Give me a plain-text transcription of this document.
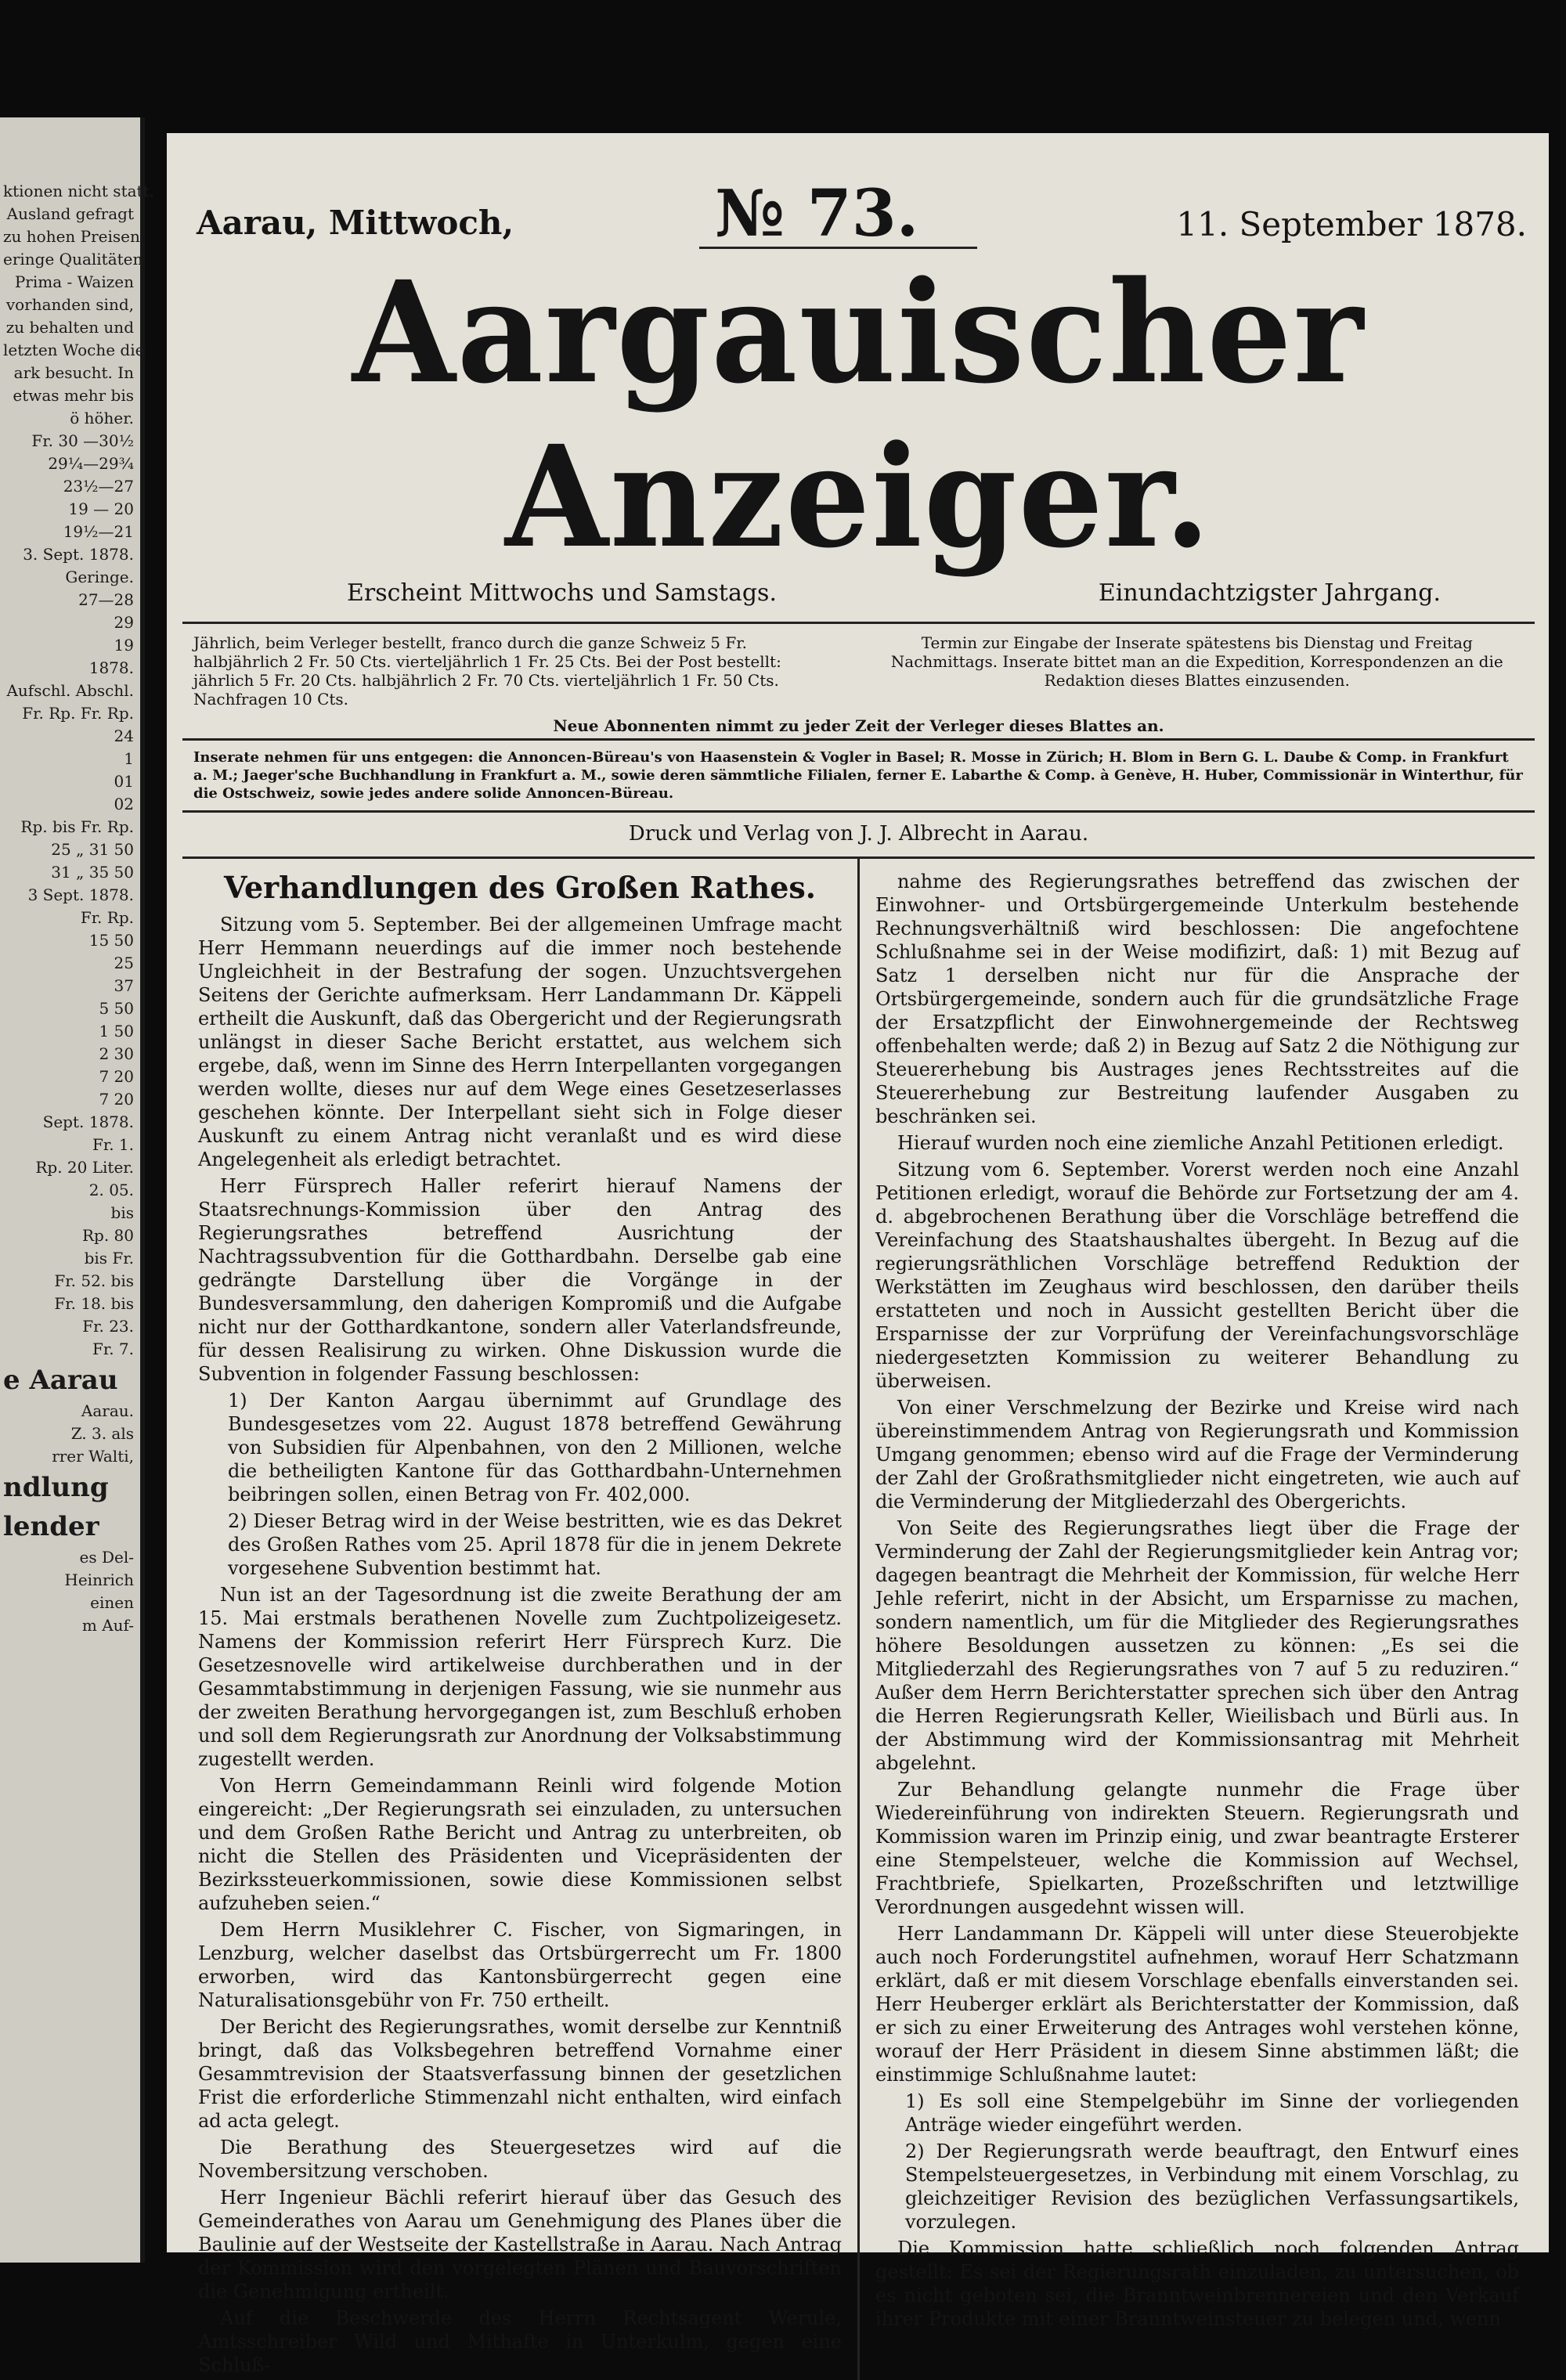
ktionen nicht statt.
Ausland gefragt
zu hohen Preisen
eringe Qualitäten
Prima - Waizen
vorhanden sind,
zu behalten und
letzten Woche die
ark besucht. In
etwas mehr bis
ö höher.
Fr. 30 —30½
29¼—29¾
23½—27
19 — 20
19½—21
3. Sept. 1878.
Geringe.
27—28
29
19
1878.
Aufschl. Abschl.
Fr. Rp. Fr. Rp.
24
1
01
02
Rp. bis Fr. Rp.
25 „ 31 50
31 „ 35 50
3 Sept. 1878.
Fr. Rp.
15 50
25
37
5 50
1 50
2 30
7 20
7 20
Sept. 1878.
Fr. 1.
Rp. 20 Liter.
2. 05.
bis
Rp. 80
bis Fr.
Fr. 52. bis
Fr. 18. bis
Fr. 23.
Fr. 7.
e Aarau
Aarau.
Z. 3. als
rrer Walti,
ndlung
lender
es Del-
Heinrich
einen
m Auf-
Aarau, Mittwoch,	№ 73.	11. September 1878.
Aargauischer Anzeiger.
Erscheint Mittwochs und Samstags.	Einundachtzigster Jahrgang.
Jährlich, beim Verleger bestellt, franco durch die ganze Schweiz 5 Fr. halbjährlich 2 Fr. 50 Cts. vierteljährlich 1 Fr. 25 Cts. Bei der Post bestellt: jährlich 5 Fr. 20 Cts. halbjährlich 2 Fr. 70 Cts. vierteljährlich 1 Fr. 50 Cts. Nachfragen 10 Cts.
Termin zur Eingabe der Inserate spätestens bis Dienstag und Freitag Nachmittags. Inserate bittet man an die Expedition, Korrespondenzen an die Redaktion dieses Blattes einzusenden.
Neue Abonnenten nimmt zu jeder Zeit der Verleger dieses Blattes an.
Inserate nehmen für uns entgegen: die Annoncen-Büreau's von Haasenstein & Vogler in Basel; R. Mosse in Zürich; H. Blom in Bern G. L. Daube & Comp. in Frankfurt a. M.; Jaeger'sche Buchhandlung in Frankfurt a. M., sowie deren sämmtliche Filialen, ferner E. Labarthe & Comp. à Genève, H. Huber, Commissionär in Winterthur, für die Ostschweiz, sowie jedes andere solide Annoncen-Büreau.
Druck und Verlag von J. J. Albrecht in Aarau.
Verhandlungen des Großen Rathes.

Sitzung vom 5. September. Bei der allgemeinen Umfrage macht Herr Hemmann neuerdings auf die immer noch bestehende Ungleichheit in der Bestrafung der sogen. Unzuchtsvergehen Seitens der Gerichte aufmerksam. Herr Landammann Dr. Käppeli ertheilt die Auskunft, daß das Obergericht und der Regierungsrath unlängst in dieser Sache Bericht erstattet, aus welchem sich ergebe, daß, wenn im Sinne des Herrn Interpellanten vorgegangen werden wollte, dieses nur auf dem Wege eines Gesetzeserlasses geschehen könnte. Der Interpellant sieht sich in Folge dieser Auskunft zu einem Antrag nicht veranlaßt und es wird diese Angelegenheit als erledigt betrachtet.

Herr Fürsprech Haller referirt hierauf Namens der Staatsrechnungs-Kommission über den Antrag des Regierungsrathes betreffend Ausrichtung der Nachtragssubvention für die Gotthardbahn. Derselbe gab eine gedrängte Darstellung über die Vorgänge in der Bundesversammlung, den daherigen Kompromiß und die Aufgabe nicht nur der Gotthardkantone, sondern aller Vaterlandsfreunde, für dessen Realisirung zu wirken. Ohne Diskussion wurde die Subvention in folgender Fassung beschlossen:

1) Der Kanton Aargau übernimmt auf Grundlage des Bundesgesetzes vom 22. August 1878 betreffend Gewährung von Subsidien für Alpenbahnen, von den 2 Millionen, welche die betheiligten Kantone für das Gotthardbahn-Unternehmen beibringen sollen, einen Betrag von Fr. 402,000.

2) Dieser Betrag wird in der Weise bestritten, wie es das Dekret des Großen Rathes vom 25. April 1878 für die in jenem Dekrete vorgesehene Subvention bestimmt hat.

Nun ist an der Tagesordnung ist die zweite Berathung der am 15. Mai erstmals berathenen Novelle zum Zuchtpolizeigesetz. Namens der Kommission referirt Herr Fürsprech Kurz. Die Gesetzesnovelle wird artikelweise durchberathen und in der Gesammtabstimmung in derjenigen Fassung, wie sie nunmehr aus der zweiten Berathung hervorgegangen ist, zum Beschluß erhoben und soll dem Regierungsrath zur Anordnung der Volksabstimmung zugestellt werden.

Von Herrn Gemeindammann Reinli wird folgende Motion eingereicht: „Der Regierungsrath sei einzuladen, zu untersuchen und dem Großen Rathe Bericht und Antrag zu unterbreiten, ob nicht die Stellen des Präsidenten und Vicepräsidenten der Bezirkssteuerkommissionen, sowie diese Kommissionen selbst aufzuheben seien.“

Dem Herrn Musiklehrer C. Fischer, von Sigmaringen, in Lenzburg, welcher daselbst das Ortsbürgerrecht um Fr. 1800 erworben, wird das Kantonsbürgerrecht gegen eine Naturalisationsgebühr von Fr. 750 ertheilt.

Der Bericht des Regierungsrathes, womit derselbe zur Kenntniß bringt, daß das Volksbegehren betreffend Vornahme einer Gesammtrevision der Staatsverfassung binnen der gesetzlichen Frist die erforderliche Stimmenzahl nicht enthalten, wird einfach ad acta gelegt.

Die Berathung des Steuergesetzes wird auf die Novembersitzung verschoben.

Herr Ingenieur Bächli referirt hierauf über das Gesuch des Gemeinderathes von Aarau um Genehmigung des Planes über die Baulinie auf der Westseite der Kastellstraße in Aarau. Nach Antrag der Kommission wird den vorgelegten Plänen und Bauvorschriften die Genehmigung ertheilt.

Auf die Beschwerde des Herrn Rechtsagent Werule, Amtsschreiber Wild und Mithafte in Unterkulm, gegen eine Schluß-

nahme des Regierungsrathes betreffend das zwischen der Einwohner- und Ortsbürgergemeinde Unterkulm bestehende Rechnungsverhältniß wird beschlossen: Die angefochtene Schlußnahme sei in der Weise modifizirt, daß: 1) mit Bezug auf Satz 1 derselben nicht nur für die Ansprache der Ortsbürgergemeinde, sondern auch für die grundsätzliche Frage der Ersatzpflicht der Einwohnergemeinde der Rechtsweg offenbehalten werde; daß 2) in Bezug auf Satz 2 die Nöthigung zur Steuererhebung bis Austrages jenes Rechtsstreites auf die Steuererhebung zur Bestreitung laufender Ausgaben zu beschränken sei.

Hierauf wurden noch eine ziemliche Anzahl Petitionen erledigt.

Sitzung vom 6. September. Vorerst werden noch eine Anzahl Petitionen erledigt, worauf die Behörde zur Fortsetzung der am 4. d. abgebrochenen Berathung über die Vorschläge betreffend die Vereinfachung des Staatshaushaltes übergeht. In Bezug auf die regierungsräthlichen Vorschläge betreffend Reduktion der Werkstätten im Zeughaus wird beschlossen, den darüber theils erstatteten und noch in Aussicht gestellten Bericht über die Ersparnisse der zur Vorprüfung der Vereinfachungsvorschläge niedergesetzten Kommission zu weiterer Behandlung zu überweisen.

Von einer Verschmelzung der Bezirke und Kreise wird nach übereinstimmendem Antrag von Regierungsrath und Kommission Umgang genommen; ebenso wird auf die Frage der Verminderung der Zahl der Großrathsmitglieder nicht eingetreten, wie auch auf die Verminderung der Mitgliederzahl des Obergerichts.

Von Seite des Regierungsrathes liegt über die Frage der Verminderung der Zahl der Regierungsmitglieder kein Antrag vor; dagegen beantragt die Mehrheit der Kommission, für welche Herr Jehle referirt, nicht in der Absicht, um Ersparnisse zu machen, sondern namentlich, um für die Mitglieder des Regierungsrathes höhere Besoldungen aussetzen zu können: „Es sei die Mitgliederzahl des Regierungsrathes von 7 auf 5 zu reduziren.“ Außer dem Herrn Berichterstatter sprechen sich über den Antrag die Herren Regierungsrath Keller, Wieilisbach und Bürli aus. In der Abstimmung wird der Kommissionsantrag mit Mehrheit abgelehnt.

Zur Behandlung gelangte nunmehr die Frage über Wiedereinführung von indirekten Steuern. Regierungsrath und Kommission waren im Prinzip einig, und zwar beantragte Ersterer eine Stempelsteuer, welche die Kommission auf Wechsel, Frachtbriefe, Spielkarten, Prozeßschriften und letztwillige Verordnungen ausgedehnt wissen will.

Herr Landammann Dr. Käppeli will unter diese Steuerobjekte auch noch Forderungstitel aufnehmen, worauf Herr Schatzmann erklärt, daß er mit diesem Vorschlage ebenfalls einverstanden sei. Herr Heuberger erklärt als Berichterstatter der Kommission, daß er sich zu einer Erweiterung des Antrages wohl verstehen könne, worauf der Herr Präsident in diesem Sinne abstimmen läßt; die einstimmige Schlußnahme lautet:

1) Es soll eine Stempelgebühr im Sinne der vorliegenden Anträge wieder eingeführt werden.

2) Der Regierungsrath werde beauftragt, den Entwurf eines Stempelsteuergesetzes, in Verbindung mit einem Vorschlag, zu gleichzeitiger Revision des bezüglichen Verfassungsartikels, vorzulegen.

Die Kommission hatte schließlich noch folgenden Antrag gestellt: Es sei der Regierungsrath einzuladen, zu untersuchen, ob es nicht geboten sei, die Branntweinbrennereien und den Verkauf ihrer Produkte mit einer Branntweinsteuer zu belegen und, wenn
